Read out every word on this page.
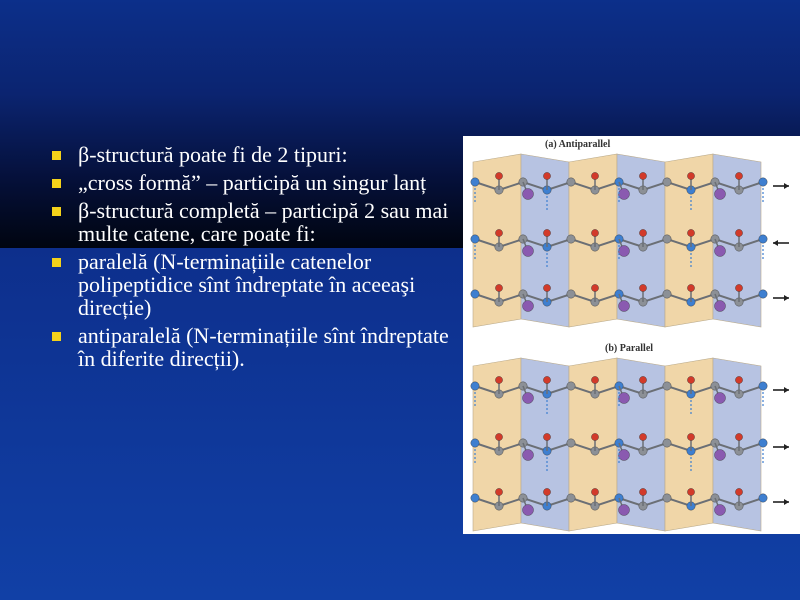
β-structură poate fi de 2 tipuri:
„cross formă” – participă un singur lanț
β-structură completă – participă 2 sau mai multe catene, care poate fi:
paralelă (N-terminațiile catenelor polipeptidice sînt îndreptate în aceeaşi direcție)
antiparalelă (N-terminațiile sînt îndreptate în diferite direcții).
(a) Antiparallel
(b) Parallel
